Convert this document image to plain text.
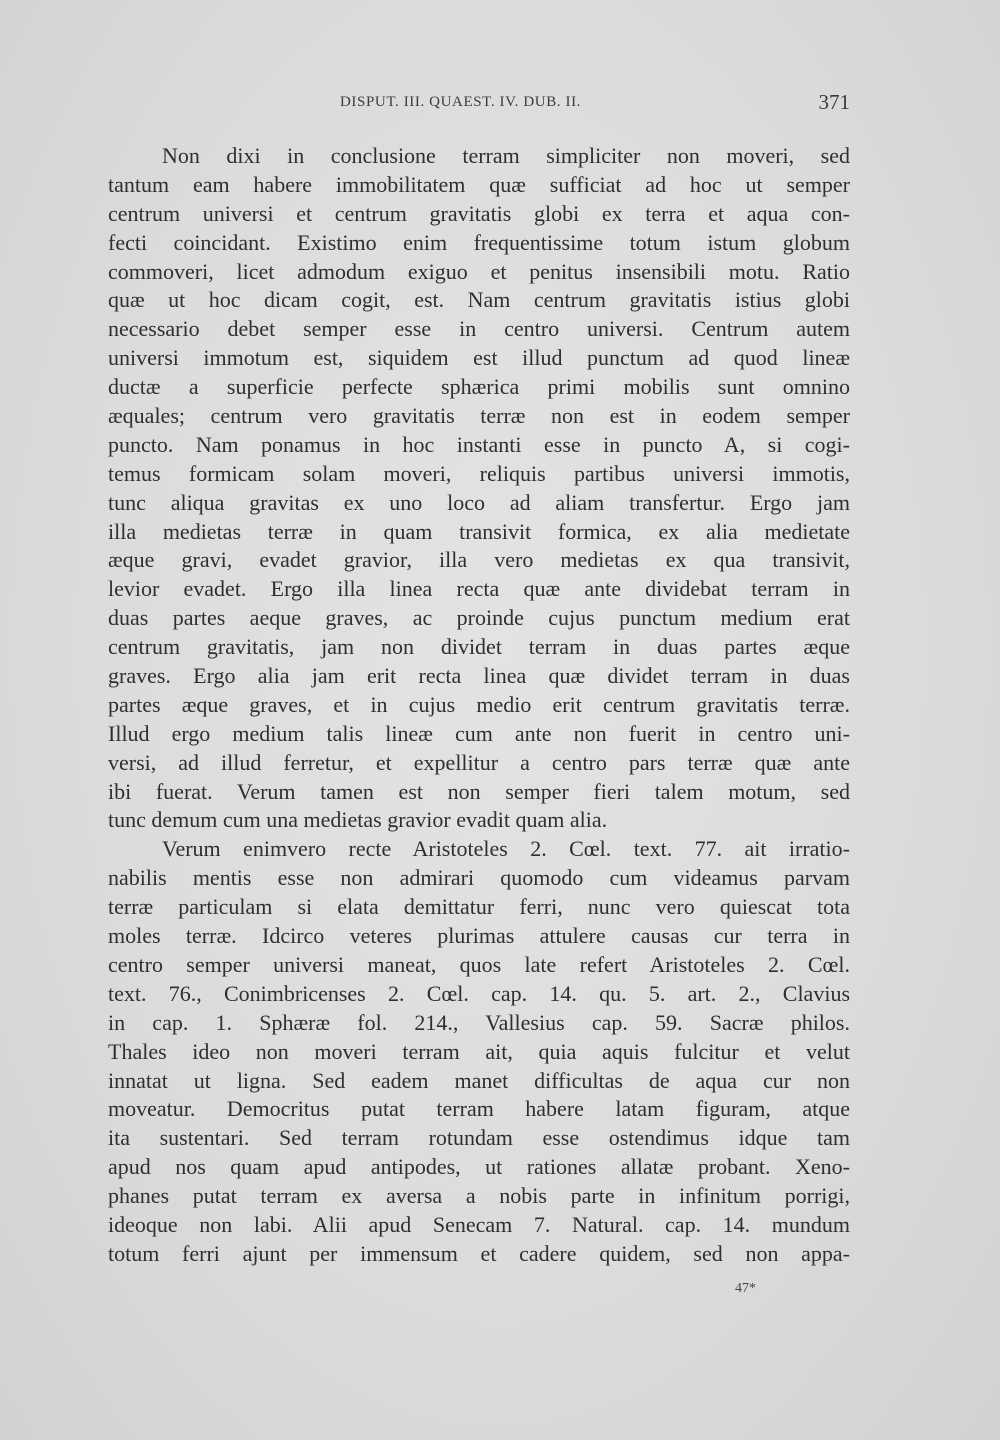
DISPUT. III. QUAEST. IV. DUB. II.	371
Non dixi in conclusione terram simpliciter non moveri, sed
tantum eam habere immobilitatem quæ sufficiat ad hoc ut semper
centrum universi et centrum gravitatis globi ex terra et aqua con-
fecti coincidant. Existimo enim frequentissime totum istum globum
commoveri, licet admodum exiguo et penitus insensibili motu. Ratio
quæ ut hoc dicam cogit, est. Nam centrum gravitatis istius globi
necessario debet semper esse in centro universi. Centrum autem
universi immotum est, siquidem est illud punctum ad quod lineæ
ductæ a superficie perfecte sphærica primi mobilis sunt omnino
æquales; centrum vero gravitatis terræ non est in eodem semper
puncto. Nam ponamus in hoc instanti esse in puncto A, si cogi-
temus formicam solam moveri, reliquis partibus universi immotis,
tunc aliqua gravitas ex uno loco ad aliam transfertur. Ergo jam
illa medietas terræ in quam transivit formica, ex alia medietate
æque gravi, evadet gravior, illa vero medietas ex qua transivit,
levior evadet. Ergo illa linea recta quæ ante dividebat terram in
duas partes aeque graves, ac proinde cujus punctum medium erat
centrum gravitatis, jam non dividet terram in duas partes æque
graves. Ergo alia jam erit recta linea quæ dividet terram in duas
partes æque graves, et in cujus medio erit centrum gravitatis terræ.
Illud ergo medium talis lineæ cum ante non fuerit in centro uni-
versi, ad illud ferretur, et expellitur a centro pars terræ quæ ante
ibi fuerat. Verum tamen est non semper fieri talem motum, sed
tunc demum cum una medietas gravior evadit quam alia.
Verum enimvero recte Aristoteles 2. Cœl. text. 77. ait irratio-
nabilis mentis esse non admirari quomodo cum videamus parvam
terræ particulam si elata demittatur ferri, nunc vero quiescat tota
moles terræ. Idcirco veteres plurimas attulere causas cur terra in
centro semper universi maneat, quos late refert Aristoteles 2. Cœl.
text. 76., Conimbricenses 2. Cœl. cap. 14. qu. 5. art. 2., Clavius
in cap. 1. Sphæræ fol. 214., Vallesius cap. 59. Sacræ philos.
Thales ideo non moveri terram ait, quia aquis fulcitur et velut
innatat ut ligna. Sed eadem manet difficultas de aqua cur non
moveatur. Democritus putat terram habere latam figuram, atque
ita sustentari. Sed terram rotundam esse ostendimus idque tam
apud nos quam apud antipodes, ut rationes allatæ probant. Xeno-
phanes putat terram ex aversa a nobis parte in infinitum porrigi,
ideoque non labi. Alii apud Senecam 7. Natural. cap. 14. mundum
totum ferri ajunt per immensum et cadere quidem, sed non appa-
47*
